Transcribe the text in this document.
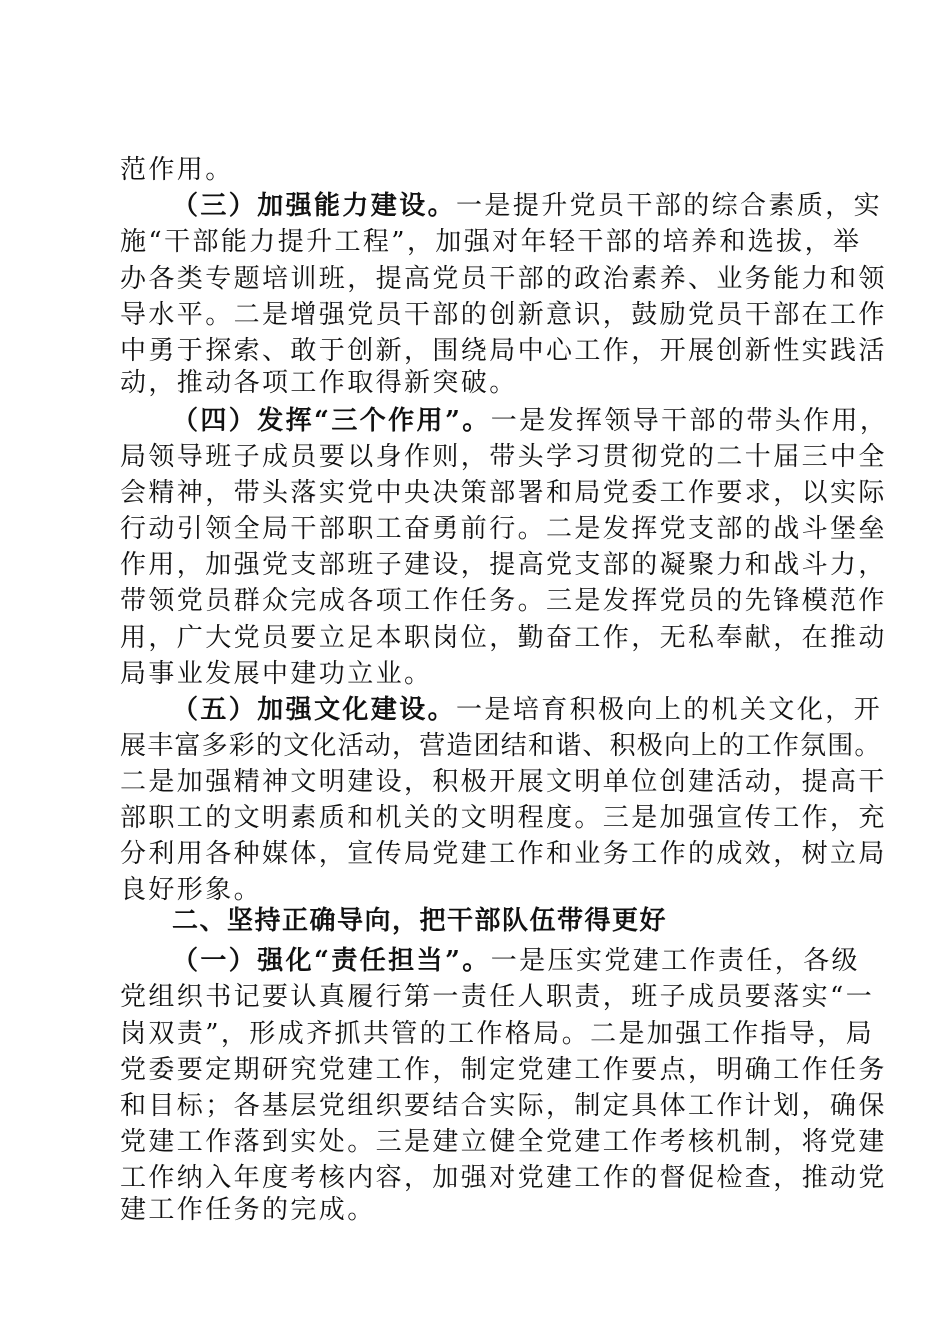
范作用。
（三）加强能力建设。一是提升党员干部的综合素质，实
施“干部能力提升工程”，加强对年轻干部的培养和选拔，举
办各类专题培训班，提高党员干部的政治素养、业务能力和领
导水平。二是增强党员干部的创新意识，鼓励党员干部在工作
中勇于探索、敢于创新，围绕局中心工作，开展创新性实践活
动，推动各项工作取得新突破。
（四）发挥“三个作用”。一是发挥领导干部的带头作用，
局领导班子成员要以身作则，带头学习贯彻党的二十届三中全
会精神，带头落实党中央决策部署和局党委工作要求，以实际
行动引领全局干部职工奋勇前行。二是发挥党支部的战斗堡垒
作用，加强党支部班子建设，提高党支部的凝聚力和战斗力，
带领党员群众完成各项工作任务。三是发挥党员的先锋模范作
用，广大党员要立足本职岗位，勤奋工作，无私奉献，在推动
局事业发展中建功立业。
（五）加强文化建设。一是培育积极向上的机关文化，开
展丰富多彩的文化活动，营造团结和谐、积极向上的工作氛围。
二是加强精神文明建设，积极开展文明单位创建活动，提高干
部职工的文明素质和机关的文明程度。三是加强宣传工作，充
分利用各种媒体，宣传局党建工作和业务工作的成效，树立局
良好形象。
二、坚持正确导向，把干部队伍带得更好
（一）强化“责任担当”。一是压实党建工作责任，各级
党组织书记要认真履行第一责任人职责，班子成员要落实“一
岗双责”，形成齐抓共管的工作格局。二是加强工作指导，局
党委要定期研究党建工作，制定党建工作要点，明确工作任务
和目标；各基层党组织要结合实际，制定具体工作计划，确保
党建工作落到实处。三是建立健全党建工作考核机制，将党建
工作纳入年度考核内容，加强对党建工作的督促检查，推动党
建工作任务的完成。
